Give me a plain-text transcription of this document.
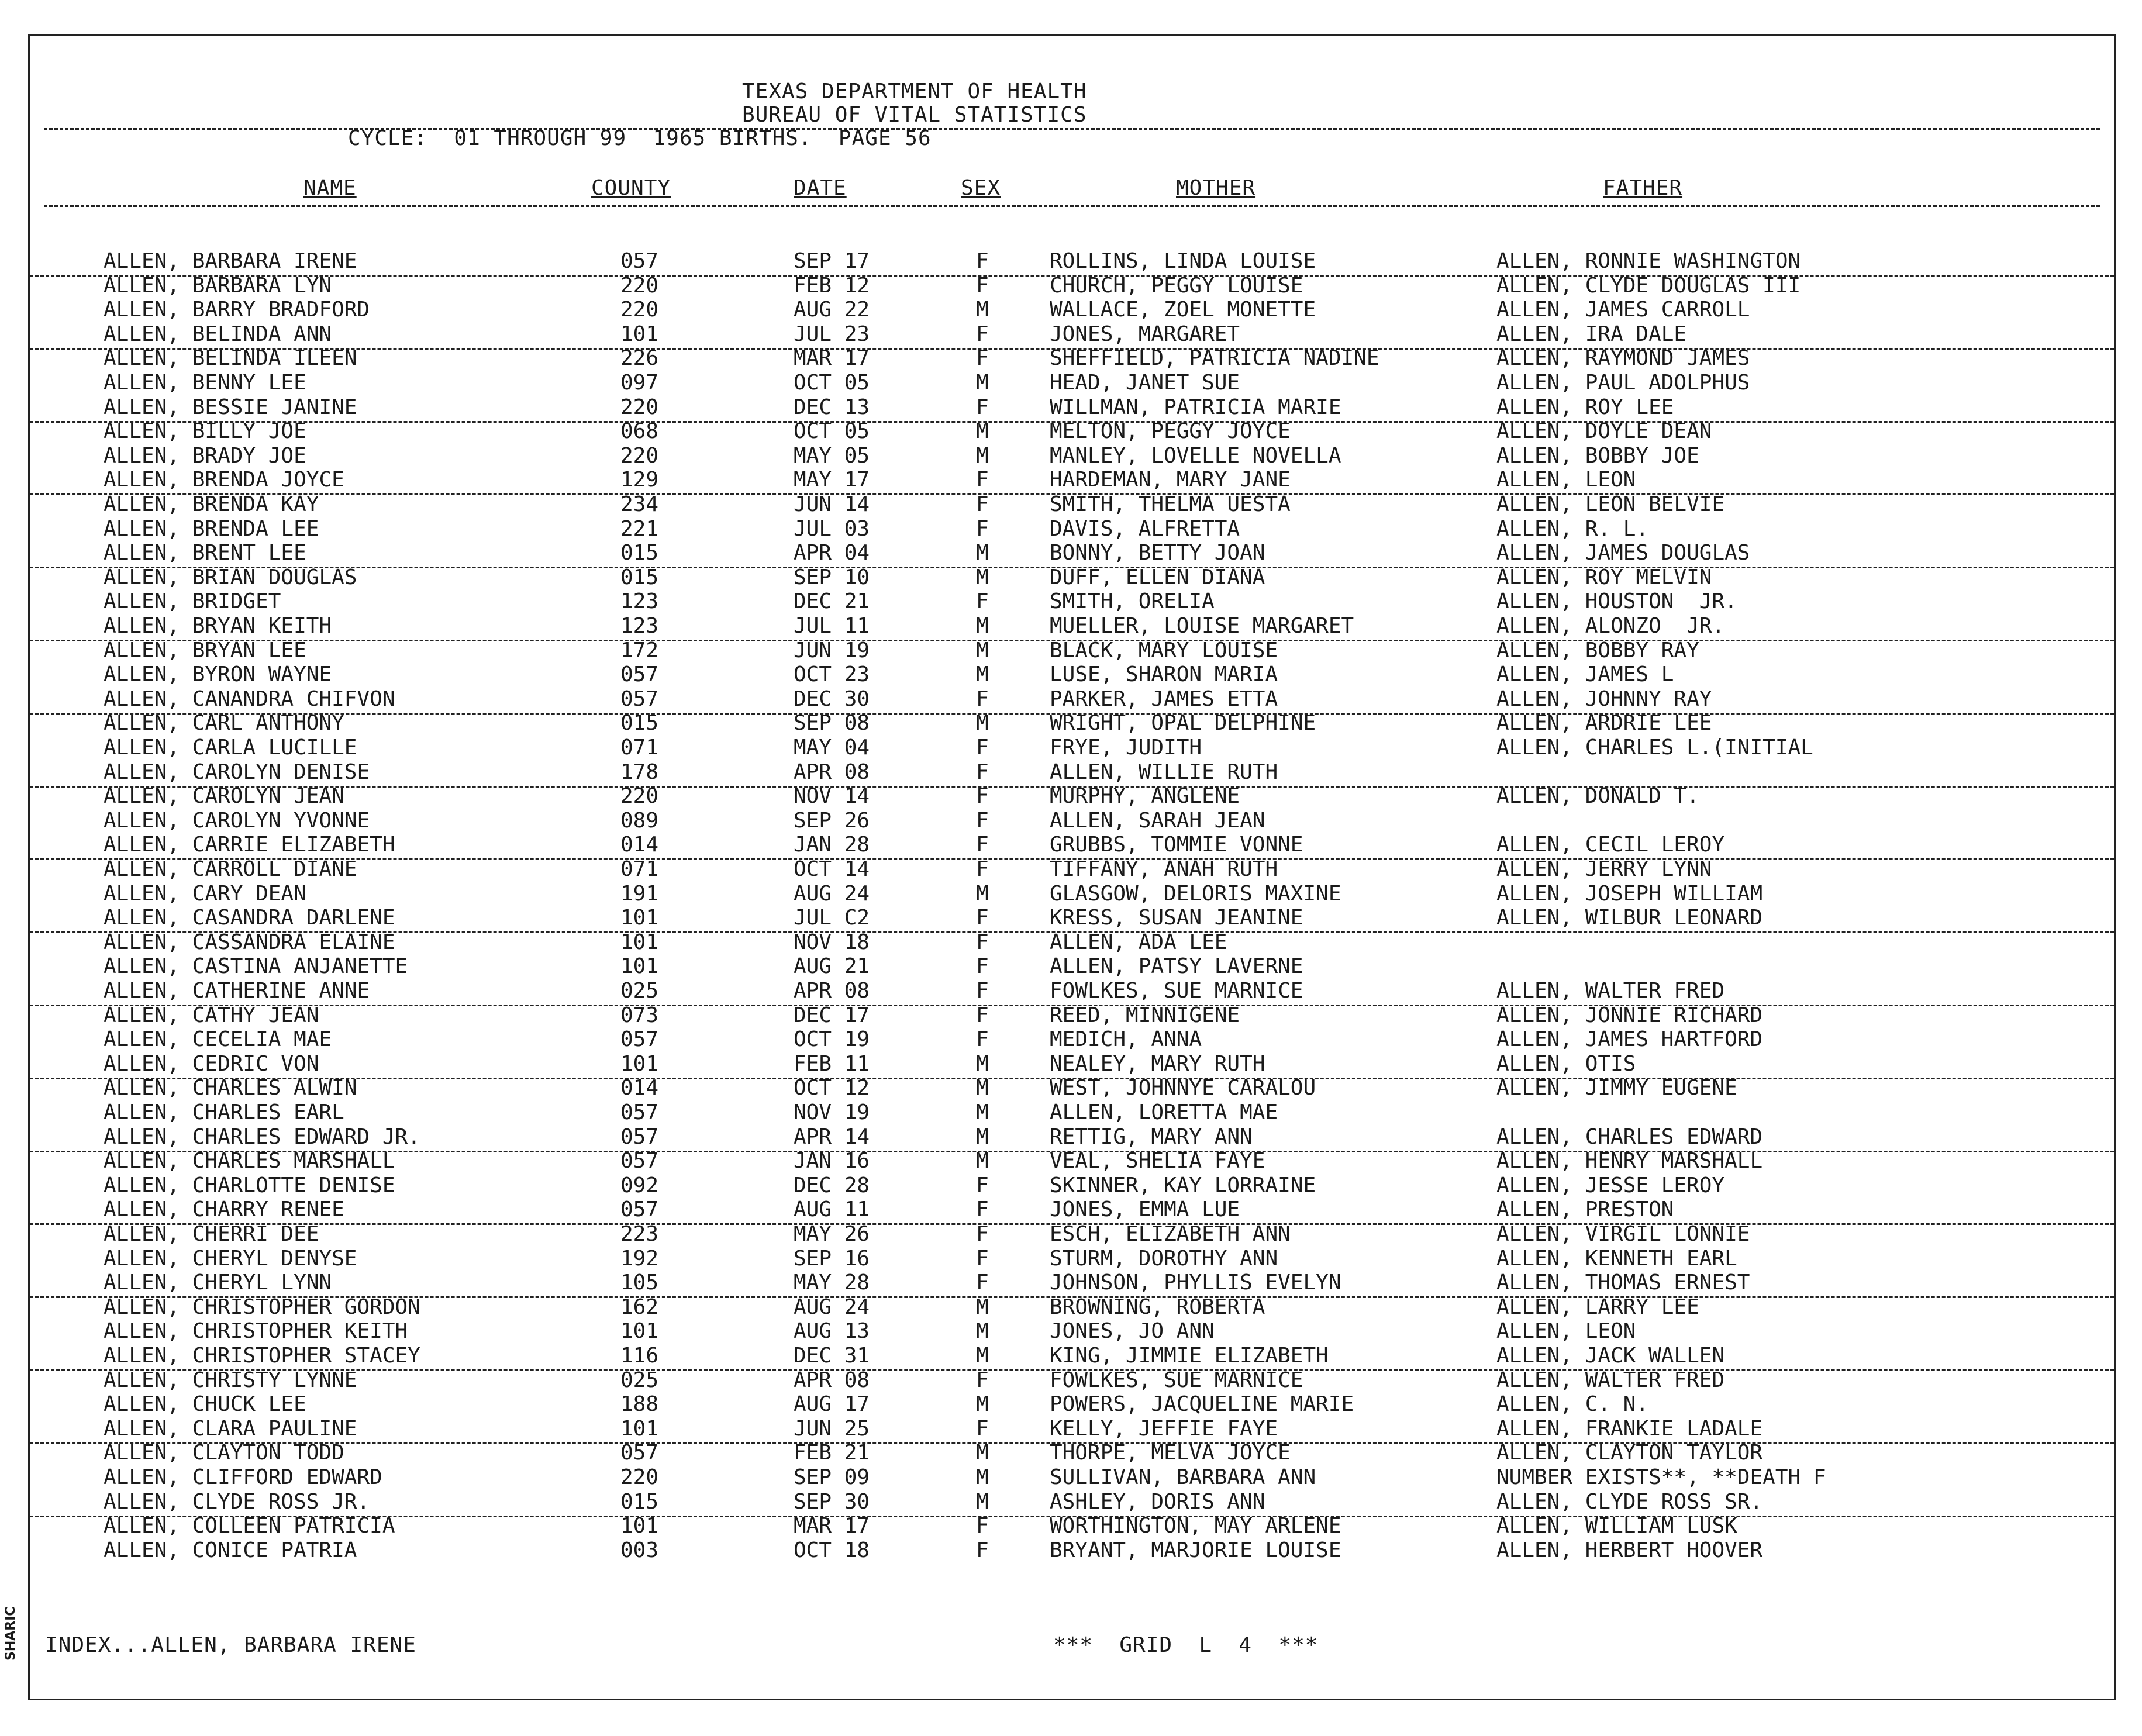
TEXAS DEPARTMENT OF HEALTH
BUREAU OF VITAL STATISTICS
CYCLE:  01 THROUGH 99  1965 BIRTHS.  PAGE 56
NAME	COUNTY	DATE	SEX	MOTHER	FATHER
ALLEN, BARBARA IRENE	057	SEP 17	F	ROLLINS, LINDA LOUISE	ALLEN, RONNIE WASHINGTON
ALLEN, BARBARA LYN	220	FEB 12	F	CHURCH, PEGGY LOUISE	ALLEN, CLYDE DOUGLAS III
ALLEN, BARRY BRADFORD	220	AUG 22	M	WALLACE, ZOEL MONETTE	ALLEN, JAMES CARROLL
ALLEN, BELINDA ANN	101	JUL 23	F	JONES, MARGARET	ALLEN, IRA DALE
ALLEN, BELINDA ILEEN	226	MAR 17	F	SHEFFIELD, PATRICIA NADINE	ALLEN, RAYMOND JAMES
ALLEN, BENNY LEE	097	OCT 05	M	HEAD, JANET SUE	ALLEN, PAUL ADOLPHUS
ALLEN, BESSIE JANINE	220	DEC 13	F	WILLMAN, PATRICIA MARIE	ALLEN, ROY LEE
ALLEN, BILLY JOE	068	OCT 05	M	MELTON, PEGGY JOYCE	ALLEN, DOYLE DEAN
ALLEN, BRADY JOE	220	MAY 05	M	MANLEY, LOVELLE NOVELLA	ALLEN, BOBBY JOE
ALLEN, BRENDA JOYCE	129	MAY 17	F	HARDEMAN, MARY JANE	ALLEN, LEON
ALLEN, BRENDA KAY	234	JUN 14	F	SMITH, THELMA UESTA	ALLEN, LEON BELVIE
ALLEN, BRENDA LEE	221	JUL 03	F	DAVIS, ALFRETTA	ALLEN, R. L.
ALLEN, BRENT LEE	015	APR 04	M	BONNY, BETTY JOAN	ALLEN, JAMES DOUGLAS
ALLEN, BRIAN DOUGLAS	015	SEP 10	M	DUFF, ELLEN DIANA	ALLEN, ROY MELVIN
ALLEN, BRIDGET	123	DEC 21	F	SMITH, ORELIA	ALLEN, HOUSTON  JR.
ALLEN, BRYAN KEITH	123	JUL 11	M	MUELLER, LOUISE MARGARET	ALLEN, ALONZO  JR.
ALLEN, BRYAN LEE	172	JUN 19	M	BLACK, MARY LOUISE	ALLEN, BOBBY RAY
ALLEN, BYRON WAYNE	057	OCT 23	M	LUSE, SHARON MARIA	ALLEN, JAMES L
ALLEN, CANANDRA CHIFVON	057	DEC 30	F	PARKER, JAMES ETTA	ALLEN, JOHNNY RAY
ALLEN, CARL ANTHONY	015	SEP 08	M	WRIGHT, OPAL DELPHINE	ALLEN, ARDRIE LEE
ALLEN, CARLA LUCILLE	071	MAY 04	F	FRYE, JUDITH	ALLEN, CHARLES L.(INITIAL
ALLEN, CAROLYN DENISE	178	APR 08	F	ALLEN, WILLIE RUTH
ALLEN, CAROLYN JEAN	220	NOV 14	F	MURPHY, ANGLENE	ALLEN, DONALD T.
ALLEN, CAROLYN YVONNE	089	SEP 26	F	ALLEN, SARAH JEAN
ALLEN, CARRIE ELIZABETH	014	JAN 28	F	GRUBBS, TOMMIE VONNE	ALLEN, CECIL LEROY
ALLEN, CARROLL DIANE	071	OCT 14	F	TIFFANY, ANAH RUTH	ALLEN, JERRY LYNN
ALLEN, CARY DEAN	191	AUG 24	M	GLASGOW, DELORIS MAXINE	ALLEN, JOSEPH WILLIAM
ALLEN, CASANDRA DARLENE	101	JUL C2	F	KRESS, SUSAN JEANINE	ALLEN, WILBUR LEONARD
ALLEN, CASSANDRA ELAINE	101	NOV 18	F	ALLEN, ADA LEE
ALLEN, CASTINA ANJANETTE	101	AUG 21	F	ALLEN, PATSY LAVERNE
ALLEN, CATHERINE ANNE	025	APR 08	F	FOWLKES, SUE MARNICE	ALLEN, WALTER FRED
ALLEN, CATHY JEAN	073	DEC 17	F	REED, MINNIGENE	ALLEN, JONNIE RICHARD
ALLEN, CECELIA MAE	057	OCT 19	F	MEDICH, ANNA	ALLEN, JAMES HARTFORD
ALLEN, CEDRIC VON	101	FEB 11	M	NEALEY, MARY RUTH	ALLEN, OTIS
ALLEN, CHARLES ALWIN	014	OCT 12	M	WEST, JOHNNYE CARALOU	ALLEN, JIMMY EUGENE
ALLEN, CHARLES EARL	057	NOV 19	M	ALLEN, LORETTA MAE
ALLEN, CHARLES EDWARD JR.	057	APR 14	M	RETTIG, MARY ANN	ALLEN, CHARLES EDWARD
ALLEN, CHARLES MARSHALL	057	JAN 16	M	VEAL, SHELIA FAYE	ALLEN, HENRY MARSHALL
ALLEN, CHARLOTTE DENISE	092	DEC 28	F	SKINNER, KAY LORRAINE	ALLEN, JESSE LEROY
ALLEN, CHARRY RENEE	057	AUG 11	F	JONES, EMMA LUE	ALLEN, PRESTON
ALLEN, CHERRI DEE	223	MAY 26	F	ESCH, ELIZABETH ANN	ALLEN, VIRGIL LONNIE
ALLEN, CHERYL DENYSE	192	SEP 16	F	STURM, DOROTHY ANN	ALLEN, KENNETH EARL
ALLEN, CHERYL LYNN	105	MAY 28	F	JOHNSON, PHYLLIS EVELYN	ALLEN, THOMAS ERNEST
ALLEN, CHRISTOPHER GORDON	162	AUG 24	M	BROWNING, ROBERTA	ALLEN, LARRY LEE
ALLEN, CHRISTOPHER KEITH	101	AUG 13	M	JONES, JO ANN	ALLEN, LEON
ALLEN, CHRISTOPHER STACEY	116	DEC 31	M	KING, JIMMIE ELIZABETH	ALLEN, JACK WALLEN
ALLEN, CHRISTY LYNNE	025	APR 08	F	FOWLKES, SUE MARNICE	ALLEN, WALTER FRED
ALLEN, CHUCK LEE	188	AUG 17	M	POWERS, JACQUELINE MARIE	ALLEN, C. N.
ALLEN, CLARA PAULINE	101	JUN 25	F	KELLY, JEFFIE FAYE	ALLEN, FRANKIE LADALE
ALLEN, CLAYTON TODD	057	FEB 21	M	THORPE, MELVA JOYCE	ALLEN, CLAYTON TAYLOR
ALLEN, CLIFFORD EDWARD	220	SEP 09	M	SULLIVAN, BARBARA ANN	NUMBER EXISTS**, **DEATH F
ALLEN, CLYDE ROSS JR.	015	SEP 30	M	ASHLEY, DORIS ANN	ALLEN, CLYDE ROSS SR.
ALLEN, COLLEEN PATRICIA	101	MAR 17	F	WORTHINGTON, MAY ARLENE	ALLEN, WILLIAM LUSK
ALLEN, CONICE PATRIA	003	OCT 18	F	BRYANT, MARJORIE LOUISE	ALLEN, HERBERT HOOVER
INDEX...ALLEN, BARBARA IRENE	***  GRID  L  4  ***
SHARIC
